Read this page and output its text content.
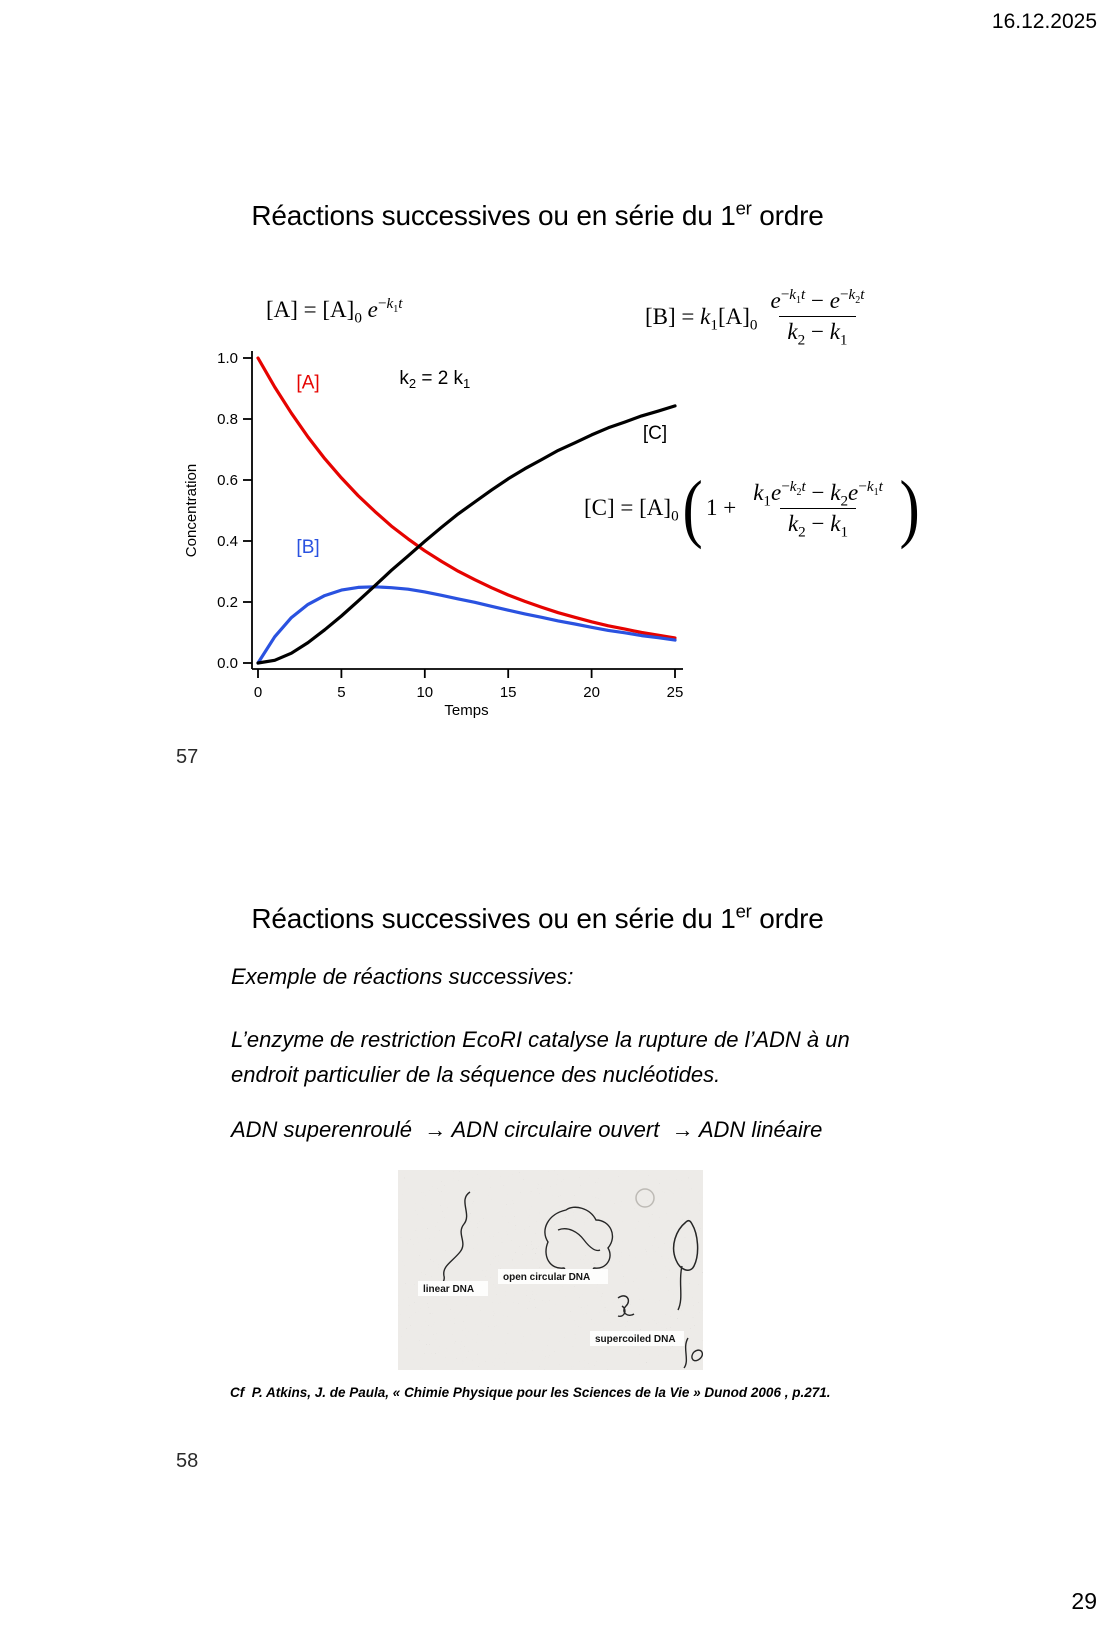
16.12.2025
Réactions successives ou en série du 1er ordre
$[A] = [A]_0$ $e^{-k_1t}$	$[B] = k_1[A]_0 \frac{e^{-k_1t} - e^{-k_2t}}{k_2 - k_1}$
0.0
0.2
0.4
0.6
0.8
1.0
0	5	10	15	20	25
Concentration
Temps
[A]	$k_2 = 2$ $k_1$
[C]
[B]
$[C] = [A]_0$ ( $1 + \frac{k_1e^{-k_2t} - k_2e^{-k_1t}}{k_2 - k_1}$ )
57
Réactions successives ou en série du 1er ordre
Exemple de réactions successives:
L’enzyme de restriction EcoRI catalyse la rupture de l’ADN à un
endroit particulier de la séquence des nucléotides.
ADN superenroulé  → ADN circulaire ouvert  → ADN linéaire
linear DNA
open circular DNA
supercoiled DNA
Cf  P. Atkins, J. de Paula, « Chimie Physique pour les Sciences de la Vie » Dunod 2006 , p.271.
58
29
